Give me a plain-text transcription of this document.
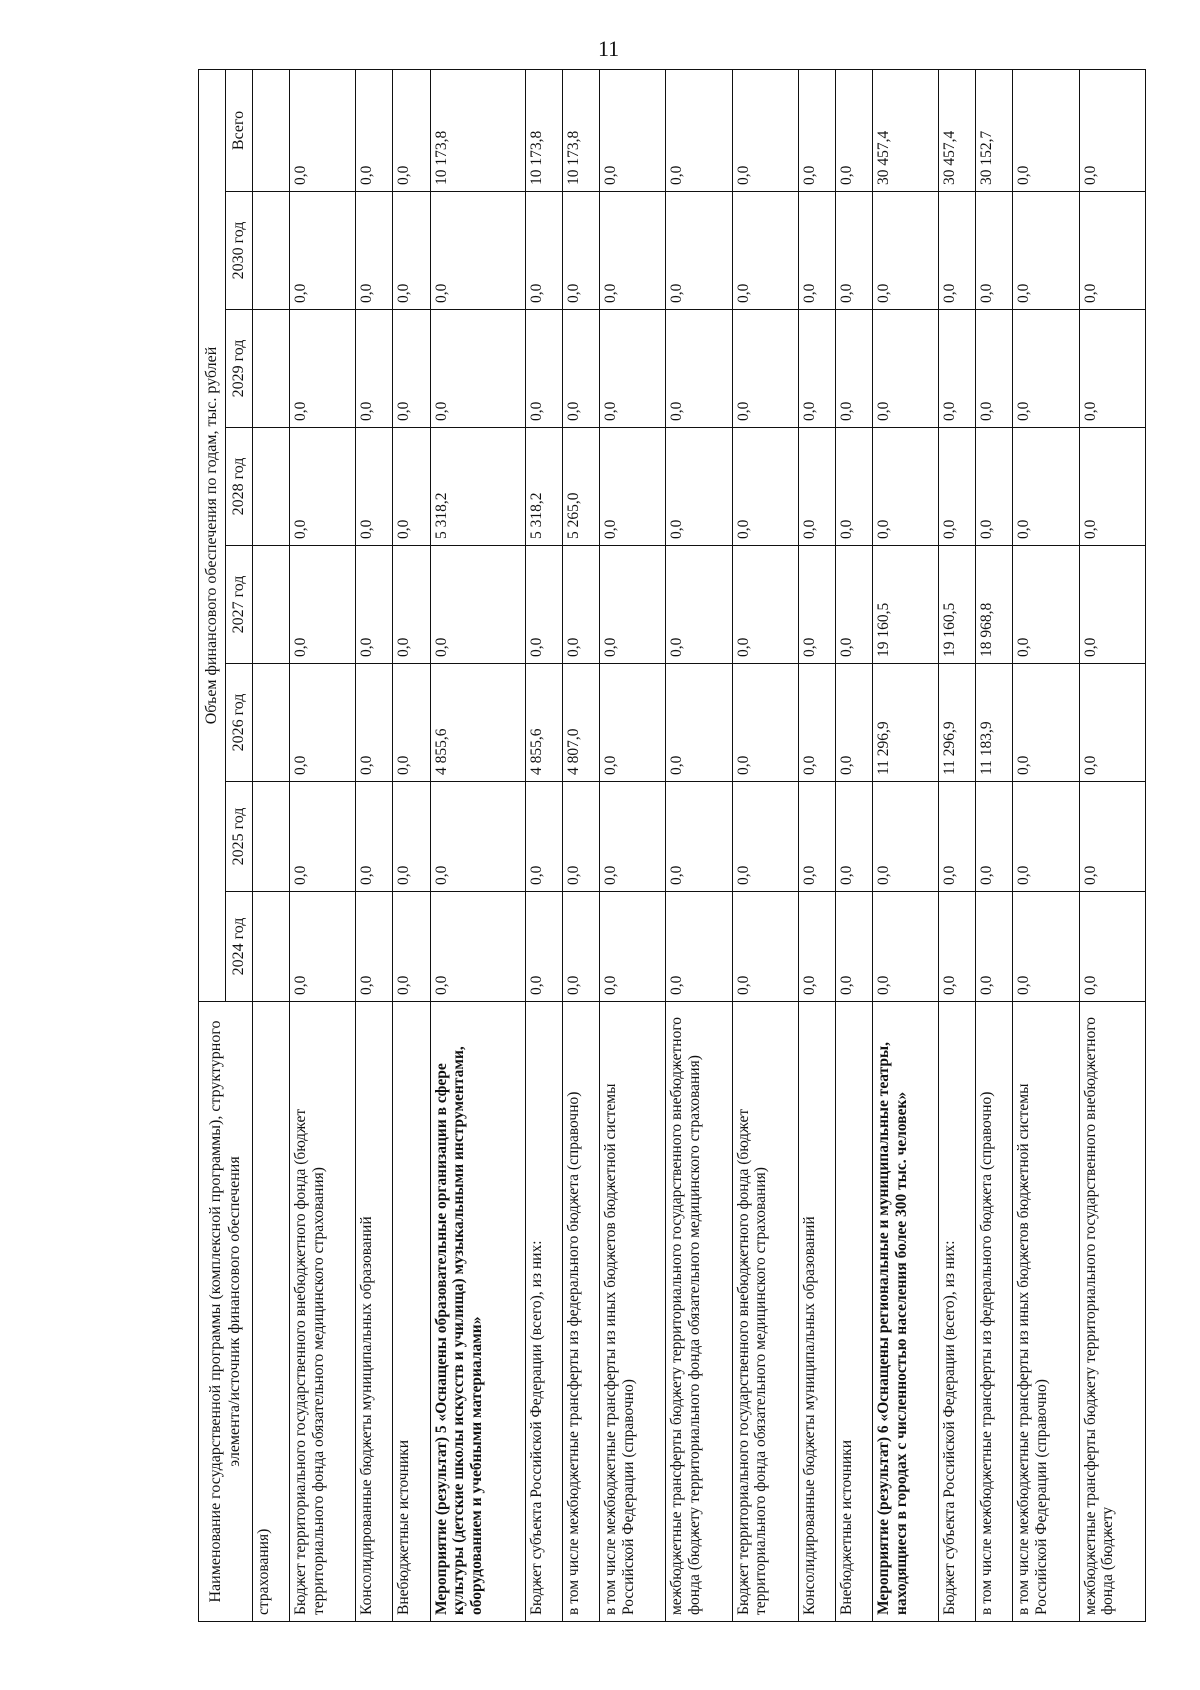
11
Наименование государственной программы (комплексной программы), структурного элемента/источник финансового обеспечения	Объем финансового обеспечения по годам, тыс. рублей							
	2024 год	2025 год	2026 год	2027 год	2028 год	2029 год	2030 год	Всего
страхования)								
Бюджет территориального государственного внебюджетного фонда (бюджет территориального фонда обязательного медицинского страхования)	0,0	0,0	0,0	0,0	0,0	0,0	0,0	0,0
Консолидированные бюджеты муниципальных образований	0,0	0,0	0,0	0,0	0,0	0,0	0,0	0,0
Внебюджетные источники	0,0	0,0	0,0	0,0	0,0	0,0	0,0	0,0
Мероприятие (результат) 5 «Оснащены образовательные организации в сфере культуры (детские школы искусств и училища) музыкальными инструментами, оборудованием и учебными материалами»	0,0	0,0	4 855,6	0,0	5 318,2	0,0	0,0	10 173,8
Бюджет субъекта Российской Федерации (всего), из них:	0,0	0,0	4 855,6	0,0	5 318,2	0,0	0,0	10 173,8
в том числе межбюджетные трансферты из федерального бюджета (справочно)	0,0	0,0	4 807,0	0,0	5 265,0	0,0	0,0	10 173,8
в том числе межбюджетные трансферты из иных бюджетов бюджетной системы Российской Федерации (справочно)	0,0	0,0	0,0	0,0	0,0	0,0	0,0	0,0
межбюджетные трансферты бюджету территориального государственного внебюджетного фонда (бюджету территориального фонда обязательного медицинского страхования)	0,0	0,0	0,0	0,0	0,0	0,0	0,0	0,0
Бюджет территориального государственного внебюджетного фонда (бюджет территориального фонда обязательного медицинского страхования)	0,0	0,0	0,0	0,0	0,0	0,0	0,0	0,0
Консолидированные бюджеты муниципальных образований	0,0	0,0	0,0	0,0	0,0	0,0	0,0	0,0
Внебюджетные источники	0,0	0,0	0,0	0,0	0,0	0,0	0,0	0,0
Мероприятие (результат) 6 «Оснащены региональные и муниципальные театры, находящиеся в городах с численностью населения более 300 тыс. человек»	0,0	0,0	11 296,9	19 160,5	0,0	0,0	0,0	30 457,4
Бюджет субъекта Российской Федерации (всего), из них:	0,0	0,0	11 296,9	19 160,5	0,0	0,0	0,0	30 457,4
в том числе межбюджетные трансферты из федерального бюджета (справочно)	0,0	0,0	11 183,9	18 968,8	0,0	0,0	0,0	30 152,7
в том числе межбюджетные трансферты из иных бюджетов бюджетной системы Российской Федерации (справочно)	0,0	0,0	0,0	0,0	0,0	0,0	0,0	0,0
межбюджетные трансферты бюджету территориального государственного внебюджетного фонда (бюджету	0,0	0,0	0,0	0,0	0,0	0,0	0,0	0,0
